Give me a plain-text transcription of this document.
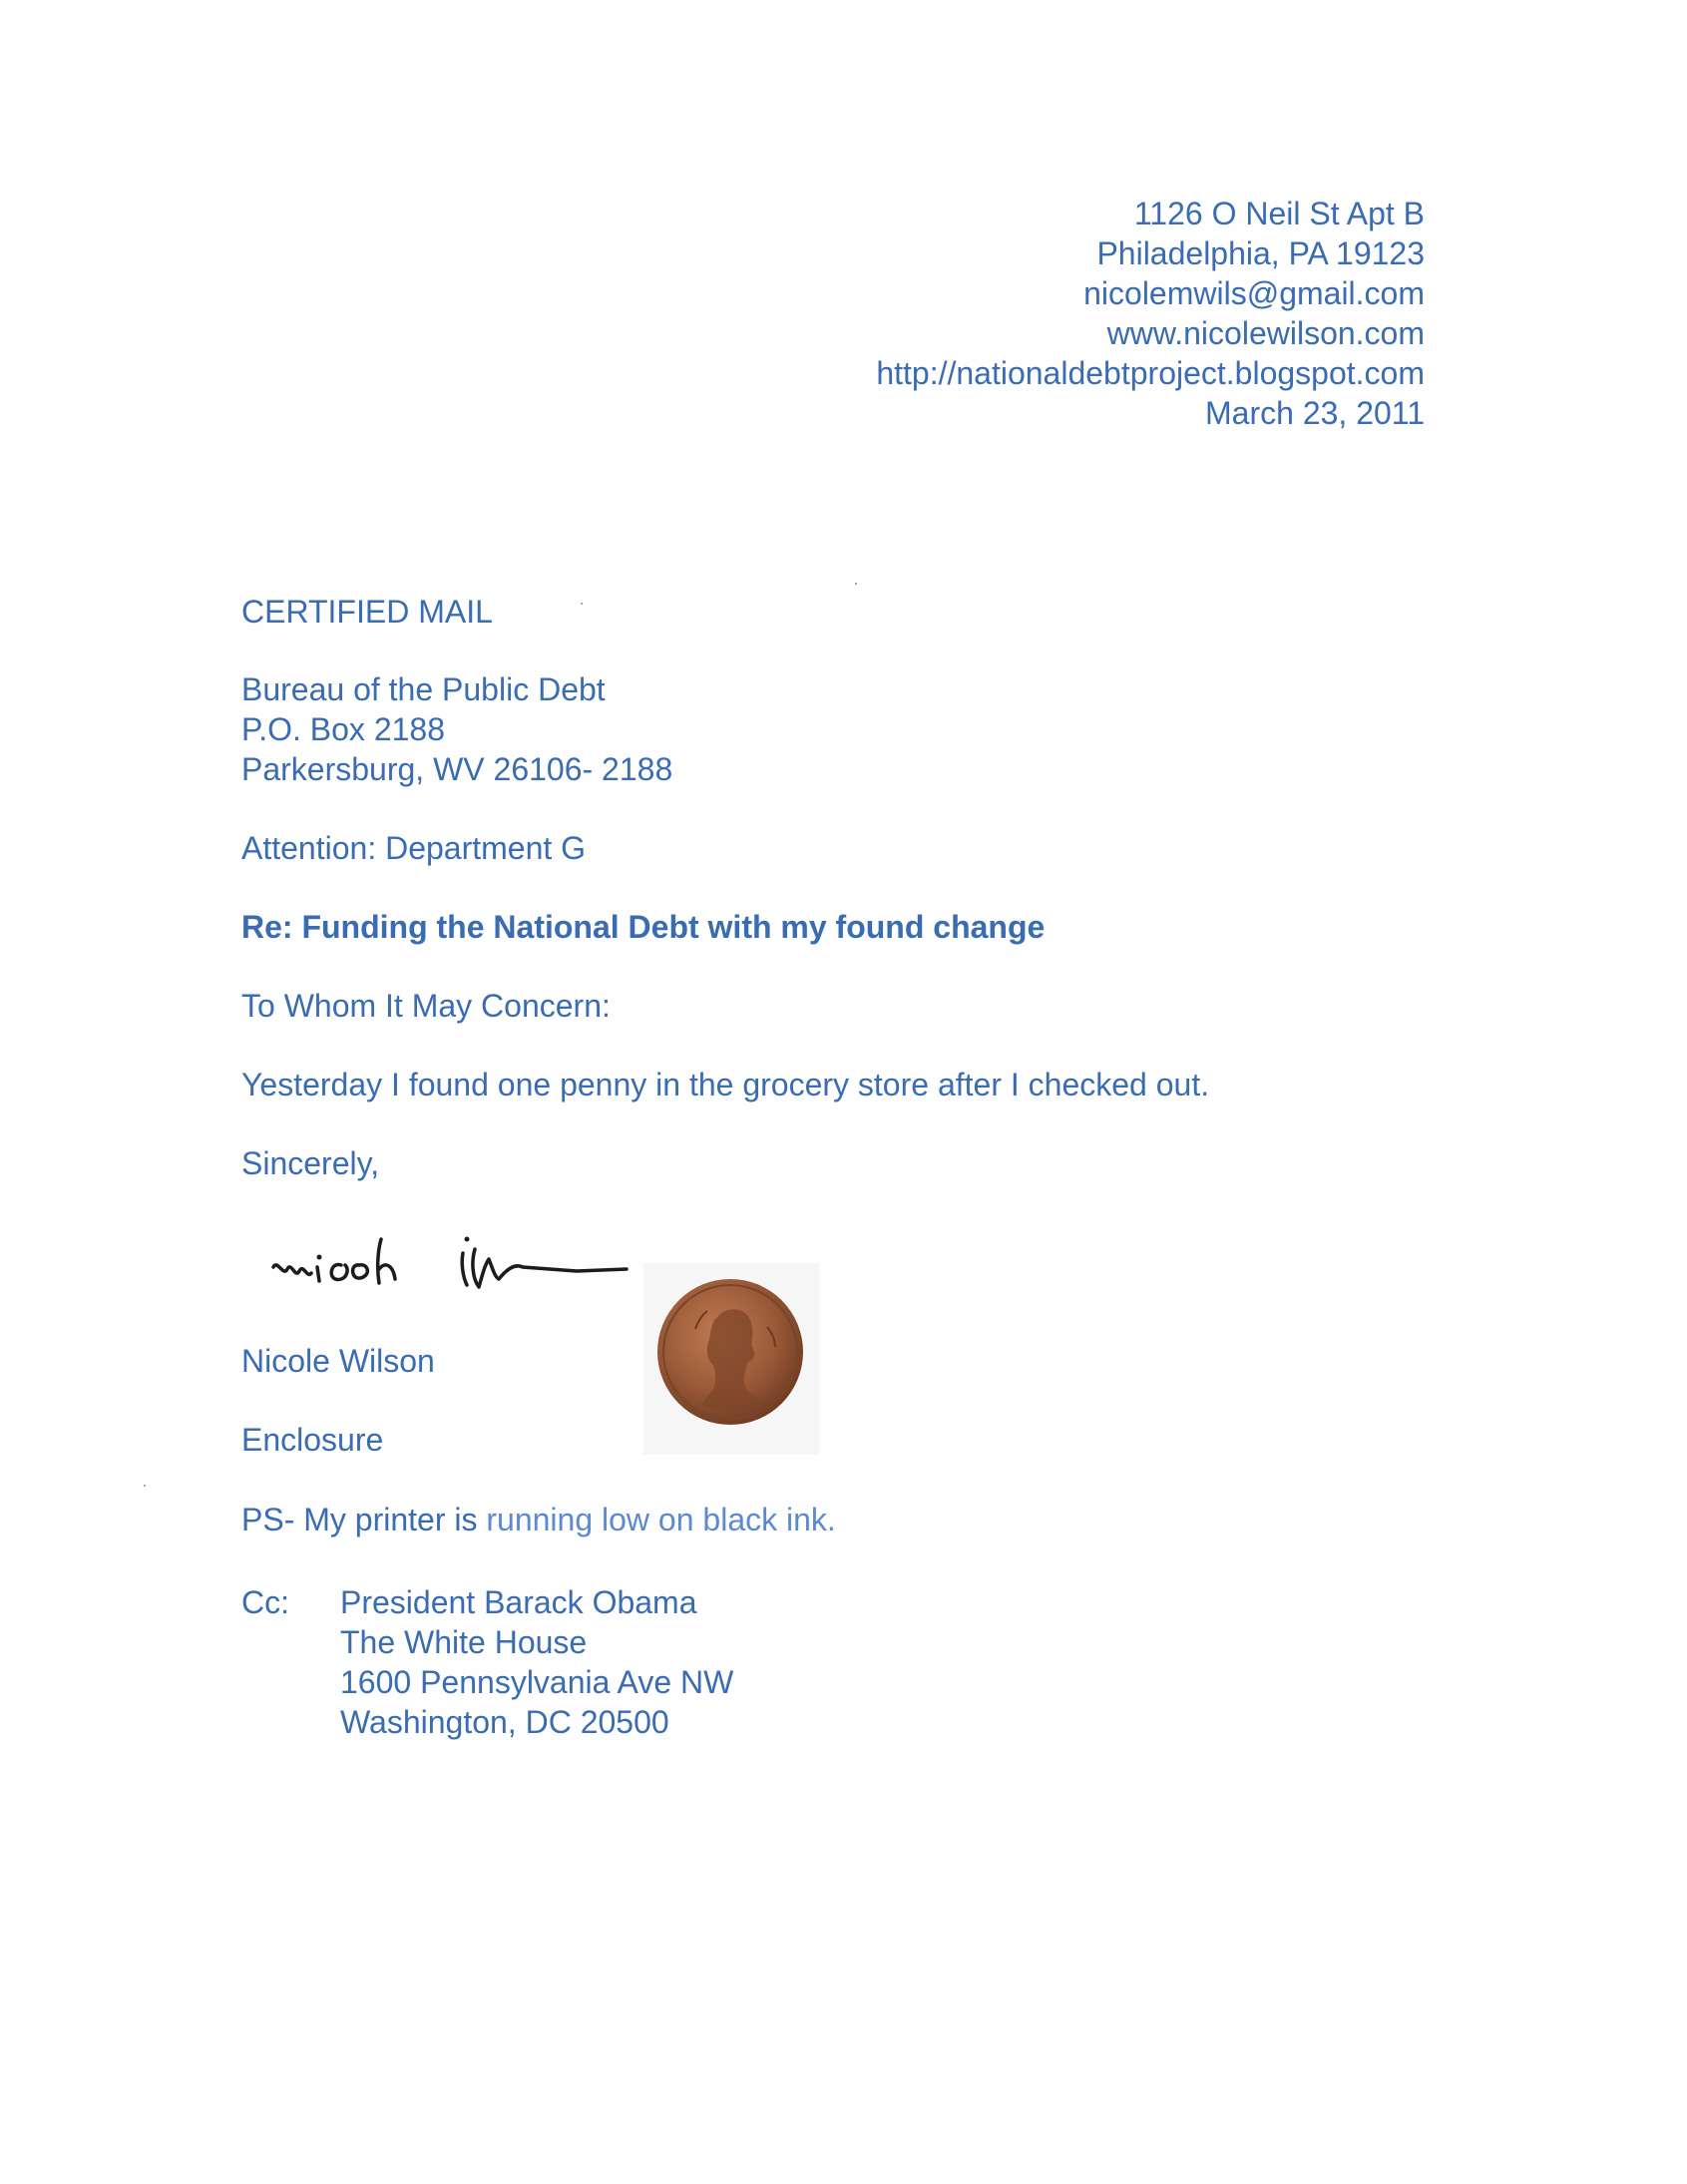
1126 O Neil St Apt B
Philadelphia, PA 19123
nicolemwils@gmail.com
www.nicolewilson.com
http://nationaldebtproject.blogspot.com
March 23, 2011
CERTIFIED MAIL
Bureau of the Public Debt
P.O. Box 2188
Parkersburg, WV 26106- 2188
Attention: Department G
Re: Funding the National Debt with my found change
To Whom It May Concern:
Yesterday I found one penny in the grocery store after I checked out.
Sincerely,
Nicole Wilson
Enclosure
PS- My printer is running low on black ink.
Cc: President Barack Obama
The White House
1600 Pennsylvania Ave NW
Washington, DC 20500
